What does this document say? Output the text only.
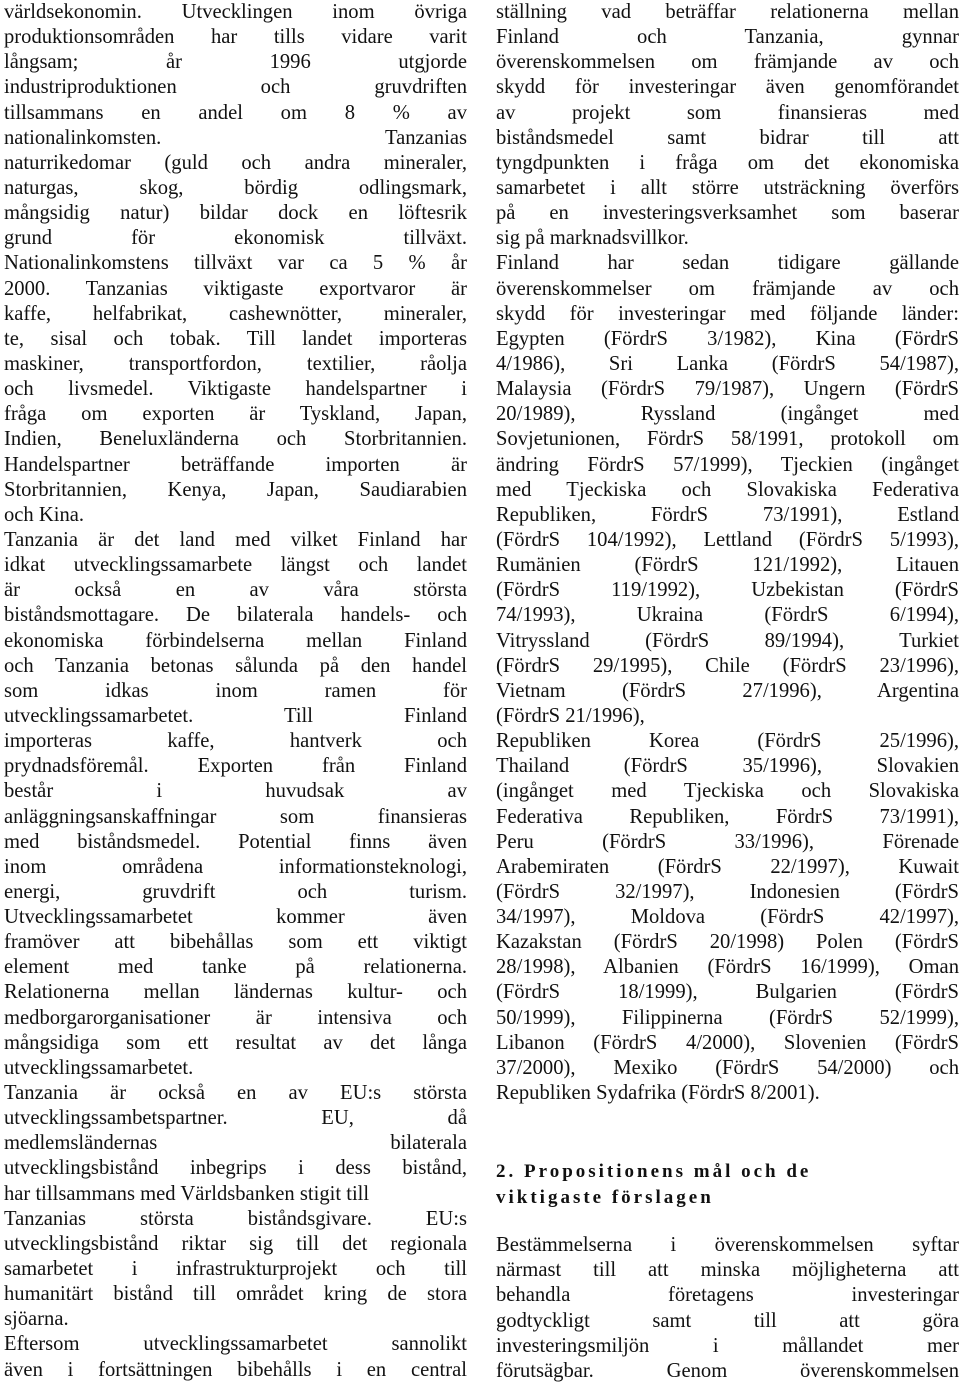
världsekonomin. Utvecklingen inom övriga
produktionsområden har tills vidare varit
långsam; år 1996 utgjorde
industriproduktionen och gruvdriften
tillsammans en andel om 8 % av
nationalinkomsten. Tanzanias
naturrikedomar (guld och andra mineraler,
naturgas, skog, bördig odlingsmark,
mångsidig natur) bildar dock en löftesrik
grund för ekonomisk tillväxt.
Nationalinkomstens tillväxt var ca 5 % år
2000. Tanzanias viktigaste exportvaror är
kaffe, helfabrikat, cashewnötter, mineraler,
te, sisal och tobak. Till landet importeras
maskiner, transportfordon, textilier, råolja
och livsmedel. Viktigaste handelspartner i
fråga om exporten är Tyskland, Japan,
Indien, Beneluxländerna och Storbritannien.
Handelspartner beträffande importen är
Storbritannien, Kenya, Japan, Saudiarabien
och Kina.
Tanzania är det land med vilket Finland har
idkat utvecklingssamarbete längst och landet
är också en av våra största
biståndsmottagare. De bilaterala handels- och
ekonomiska förbindelserna mellan Finland
och Tanzania betonas sålunda på den handel
som idkas inom ramen för
utvecklingssamarbetet. Till Finland
importeras kaffe, hantverk och
prydnadsföremål. Exporten från Finland
består i huvudsak av
anläggningsanskaffningar som finansieras
med biståndsmedel. Potential finns även
inom områdena informationsteknologi,
energi, gruvdrift och turism.
Utvecklingssamarbetet kommer även
framöver att bibehållas som ett viktigt
element med tanke på relationerna.
Relationerna mellan ländernas kultur- och
medborgarorganisationer är intensiva och
mångsidiga som ett resultat av det långa
utvecklingssamarbetet.
Tanzania är också en av EU:s största
utvecklingssambetspartner. EU, då
medlemsländernas bilaterala
utvecklingsbistånd inbegrips i dess bistånd,
har tillsammans med Världsbanken stigit till
Tanzanias största biståndsgivare. EU:s
utvecklingsbistånd riktar sig till det regionala
samarbetet i infrastrukturprojekt och till
humanitärt bistånd till området kring de stora
sjöarna.
Eftersom utvecklingssamarbetet sannolikt
även i fortsättningen bibehålls i en central
ställning vad beträffar relationerna mellan
Finland och Tanzania, gynnar
överenskommelsen om främjande av och
skydd för investeringar även genomförandet
av projekt som finansieras med
biståndsmedel samt bidrar till att
tyngdpunkten i fråga om det ekonomiska
samarbetet i allt större utsträckning överförs
på en investeringsverksamhet som baserar
sig på marknadsvillkor.
Finland har sedan tidigare gällande
överenskommelser om främjande av och
skydd för investeringar med följande länder:
Egypten (FördrS 3/1982), Kina (FördrS
4/1986), Sri Lanka (FördrS 54/1987),
Malaysia (FördrS 79/1987), Ungern (FördrS
20/1989), Ryssland (ingånget med
Sovjetunionen, FördrS 58/1991, protokoll om
ändring FördrS 57/1999), Tjeckien (ingånget
med Tjeckiska och Slovakiska Federativa
Republiken, FördrS 73/1991), Estland
(FördrS 104/1992), Lettland (FördrS 5/1993),
Rumänien (FördrS 121/1992), Litauen
(FördrS 119/1992), Uzbekistan (FördrS
74/1993), Ukraina (FördrS 6/1994),
Vitryssland (FördrS 89/1994), Turkiet
(FördrS 29/1995), Chile (FördrS 23/1996),
Vietnam (FördrS 27/1996), Argentina
(FördrS 21/1996),
Republiken Korea (FördrS 25/1996),
Thailand (FördrS 35/1996), Slovakien
(ingånget med Tjeckiska och Slovakiska
Federativa Republiken, FördrS 73/1991),
Peru (FördrS 33/1996), Förenade
Arabemiraten (FördrS 22/1997), Kuwait
(FördrS 32/1997), Indonesien (FördrS
34/1997), Moldova (FördrS 42/1997),
Kazakstan (FördrS 20/1998) Polen (FördrS
28/1998), Albanien (FördrS 16/1999), Oman
(FördrS 18/1999), Bulgarien (FördrS
50/1999), Filippinerna (FördrS 52/1999),
Libanon (FördrS 4/2000), Slovenien (FördrS
37/2000), Mexiko (FördrS 54/2000) och
Republiken Sydafrika (FördrS 8/2001).
2. Propositionens mål och de
viktigaste förslagen
Bestämmelserna i överenskommelsen syftar
närmast till att minska möjligheterna att
behandla företagens investeringar
godtyckligt samt till att göra
investeringsmiljön i mållandet mer
förutsägbar. Genom överenskommelsen
